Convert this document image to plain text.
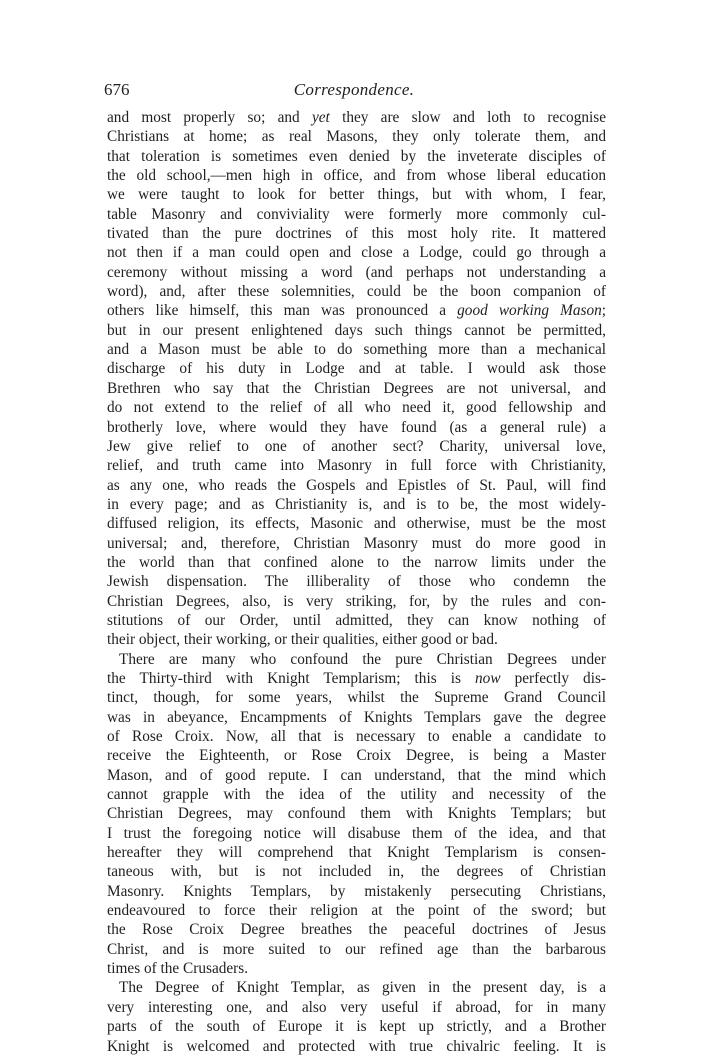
676	Correspondence.
and most properly so; and yet they are slow and loth to recognise
Christians at home; as real Masons, they only tolerate them, and
that toleration is sometimes even denied by the inveterate disciples of
the old school,—men high in office, and from whose liberal education
we were taught to look for better things, but with whom, I fear,
table Masonry and conviviality were formerly more commonly cul-
tivated than the pure doctrines of this most holy rite. It mattered
not then if a man could open and close a Lodge, could go through a
ceremony without missing a word (and perhaps not understanding a
word), and, after these solemnities, could be the boon companion of
others like himself, this man was pronounced a good working Mason;
but in our present enlightened days such things cannot be permitted,
and a Mason must be able to do something more than a mechanical
discharge of his duty in Lodge and at table. I would ask those
Brethren who say that the Christian Degrees are not universal, and
do not extend to the relief of all who need it, good fellowship and
brotherly love, where would they have found (as a general rule) a
Jew give relief to one of another sect? Charity, universal love,
relief, and truth came into Masonry in full force with Christianity,
as any one, who reads the Gospels and Epistles of St. Paul, will find
in every page; and as Christianity is, and is to be, the most widely-
diffused religion, its effects, Masonic and otherwise, must be the most
universal; and, therefore, Christian Masonry must do more good in
the world than that confined alone to the narrow limits under the
Jewish dispensation. The illiberality of those who condemn the
Christian Degrees, also, is very striking, for, by the rules and con-
stitutions of our Order, until admitted, they can know nothing of
their object, their working, or their qualities, either good or bad.
There are many who confound the pure Christian Degrees under
the Thirty-third with Knight Templarism; this is now perfectly dis-
tinct, though, for some years, whilst the Supreme Grand Council
was in abeyance, Encampments of Knights Templars gave the degree
of Rose Croix. Now, all that is necessary to enable a candidate to
receive the Eighteenth, or Rose Croix Degree, is being a Master
Mason, and of good repute. I can understand, that the mind which
cannot grapple with the idea of the utility and necessity of the
Christian Degrees, may confound them with Knights Templars; but
I trust the foregoing notice will disabuse them of the idea, and that
hereafter they will comprehend that Knight Templarism is consen-
taneous with, but is not included in, the degrees of Christian
Masonry. Knights Templars, by mistakenly persecuting Christians,
endeavoured to force their religion at the point of the sword; but
the Rose Croix Degree breathes the peaceful doctrines of Jesus
Christ, and is more suited to our refined age than the barbarous
times of the Crusaders.
The Degree of Knight Templar, as given in the present day, is a
very interesting one, and also very useful if abroad, for in many
parts of the south of Europe it is kept up strictly, and a Brother
Knight is welcomed and protected with true chivalric feeling. It is
